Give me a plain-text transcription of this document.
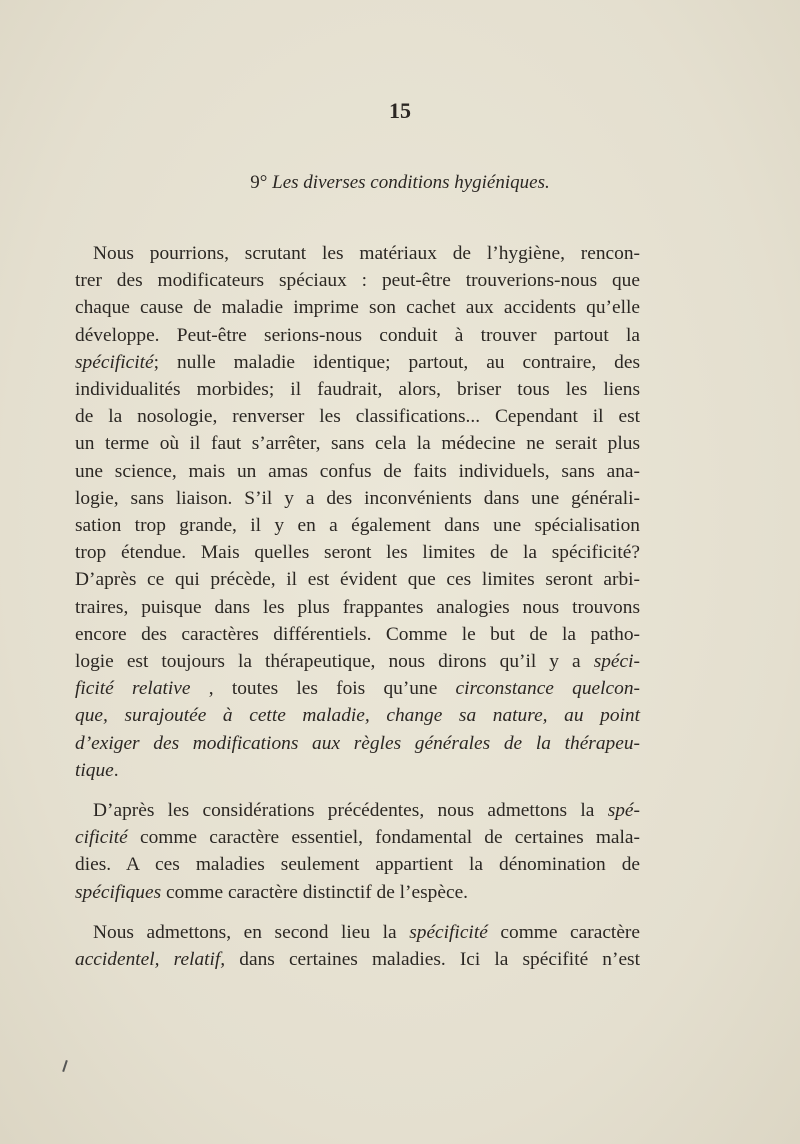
15
9° Les diverses conditions hygiéniques.
Nous pourrions, scrutant les matériaux de l’hygiène, rencon-
trer des modificateurs spéciaux : peut-être trouverions-nous que
chaque cause de maladie imprime son cachet aux accidents qu’elle
développe. Peut-être serions-nous conduit à trouver partout la
spécificité; nulle maladie identique; partout, au contraire, des
individualités morbides; il faudrait, alors, briser tous les liens
de la nosologie, renverser les classifications... Cependant il est
un terme où il faut s’arrêter, sans cela la médecine ne serait plus
une science, mais un amas confus de faits individuels, sans ana-
logie, sans liaison. S’il y a des inconvénients dans une générali-
sation trop grande, il y en a également dans une spécialisation
trop étendue. Mais quelles seront les limites de la spécificité?
D’après ce qui précède, il est évident que ces limites seront arbi-
traires, puisque dans les plus frappantes analogies nous trouvons
encore des caractères différentiels. Comme le but de la patho-
logie est toujours la thérapeutique, nous dirons qu’il y a spéci-
ficité relative , toutes les fois qu’une circonstance quelcon-
que, surajoutée à cette maladie, change sa nature, au point
d’exiger des modifications aux règles générales de la thérapeu-
tique.
D’après les considérations précédentes, nous admettons la spé-
cificité comme caractère essentiel, fondamental de certaines mala-
dies. A ces maladies seulement appartient la dénomination de
spécifiques comme caractère distinctif de l’espèce.
Nous admettons, en second lieu la spécificité comme caractère
accidentel, relatif, dans certaines maladies. Ici la spécifité n’est
